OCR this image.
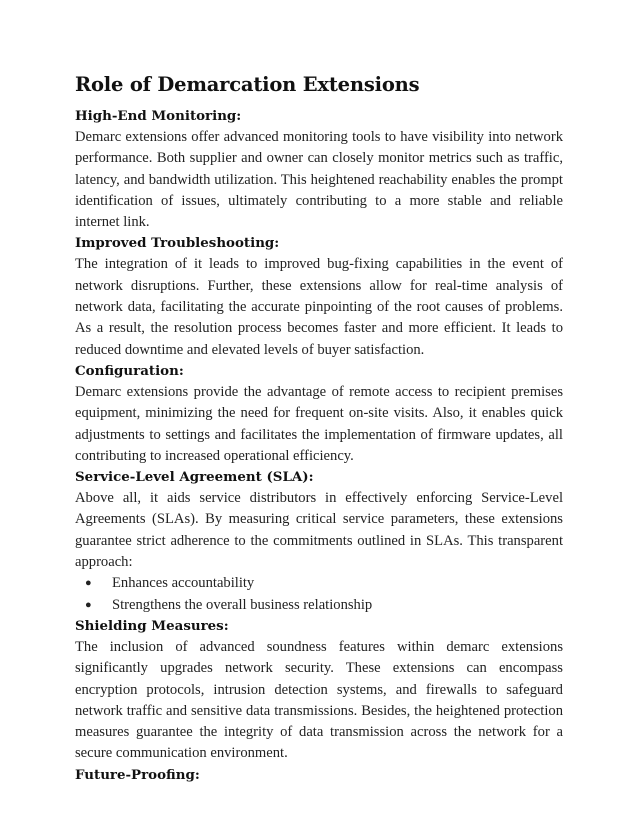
Role of Demarcation Extensions
High-End Monitoring:

Demarc extensions offer advanced monitoring tools to have visibility into network performance. Both supplier and owner can closely monitor metrics such as traffic, latency, and bandwidth utilization. This heightened reachability enables the prompt identification of issues, ultimately contributing to a more stable and reliable internet link.

Improved Troubleshooting:

The integration of it leads to improved bug-fixing capabilities in the event of network disruptions. Further, these extensions allow for real-time analysis of network data, facilitating the accurate pinpointing of the root causes of problems. As a result, the resolution process becomes faster and more efficient. It leads to reduced downtime and elevated levels of buyer satisfaction.

Configuration:

Demarc extensions provide the advantage of remote access to recipient premises equipment, minimizing the need for frequent on-site visits. Also, it enables quick adjustments to settings and facilitates the implementation of firmware updates, all contributing to increased operational efficiency.

Service-Level Agreement (SLA):

Above all, it aids service distributors in effectively enforcing Service-Level Agreements (SLAs). By measuring critical service parameters, these extensions guarantee strict adherence to the commitments outlined in SLAs. This transparent approach:

● Enhances accountability
● Strengthens the overall business relationship
Shielding Measures:

The inclusion of advanced soundness features within demarc extensions significantly upgrades network security. These extensions can encompass encryption protocols, intrusion detection systems, and firewalls to safeguard network traffic and sensitive data transmissions. Besides, the heightened protection measures guarantee the integrity of data transmission across the network for a secure communication environment.

Future-Proofing:
